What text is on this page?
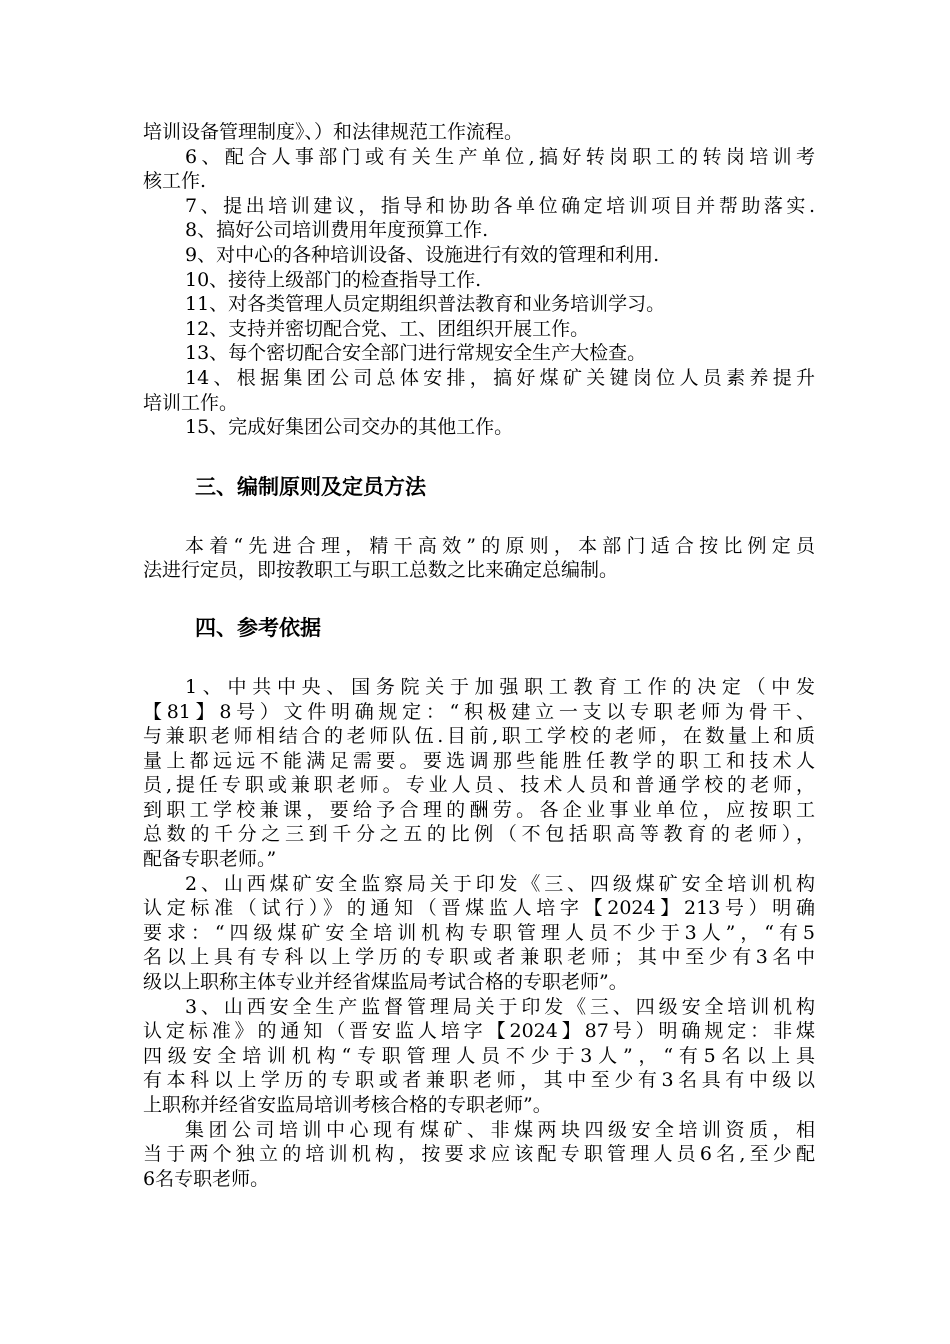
培训设备管理制度》、）和法律规范工作流程。

6、配合人事部门或有关生产单位,搞好转岗职工的转岗培训考

核工作.

7、提出培训建议，指导和协助各单位确定培训项目并帮助落实.

8、搞好公司培训费用年度预算工作.

9、对中心的各种培训设备、设施进行有效的管理和利用.

10、接待上级部门的检查指导工作.

11、对各类管理人员定期组织普法教育和业务培训学习。

12、支持并密切配合党、工、团组织开展工作。

13、每个密切配合安全部门进行常规安全生产大检查。

14、根据集团公司总体安排，搞好煤矿关键岗位人员素养提升

培训工作。

15、完成好集团公司交办的其他工作。

三、编制原则及定员方法

本着“先进合理，精干高效”的原则，本部门适合按比例定员

法进行定员，即按教职工与职工总数之比来确定总编制。

四、参考依据

1、中共中央、国务院关于加强职工教育工作的决定（中发

【81】8号）文件明确规定：“积极建立一支以专职老师为骨干、

与兼职老师相结合的老师队伍.目前,职工学校的老师，在数量上和质

量上都远远不能满足需要。要选调那些能胜任教学的职工和技术人

员,提任专职或兼职老师。专业人员、技术人员和普通学校的老师，

到职工学校兼课，要给予合理的酬劳。各企业事业单位，应按职工

总数的千分之三到千分之五的比例（不包括职高等教育的老师），

配备专职老师。”

2、山西煤矿安全监察局关于印发《三、四级煤矿安全培训机构

认定标准（试行）》的通知（晋煤监人培字【2024】213号）明确

要求：“四级煤矿安全培训机构专职管理人员不少于3人”，“有5

名以上具有专科以上学历的专职或者兼职老师；其中至少有3名中

级以上职称主体专业并经省煤监局考试合格的专职老师”。

3、山西安全生产监督管理局关于印发《三、四级安全培训机构

认定标准》的通知（晋安监人培字【2024】87号）明确规定：非煤

四级安全培训机构“专职管理人员不少于3人”，“有5名以上具

有本科以上学历的专职或者兼职老师，其中至少有3名具有中级以

上职称并经省安监局培训考核合格的专职老师”。

集团公司培训中心现有煤矿、非煤两块四级安全培训资质，相

当于两个独立的培训机构，按要求应该配专职管理人员6名,至少配

6名专职老师。
